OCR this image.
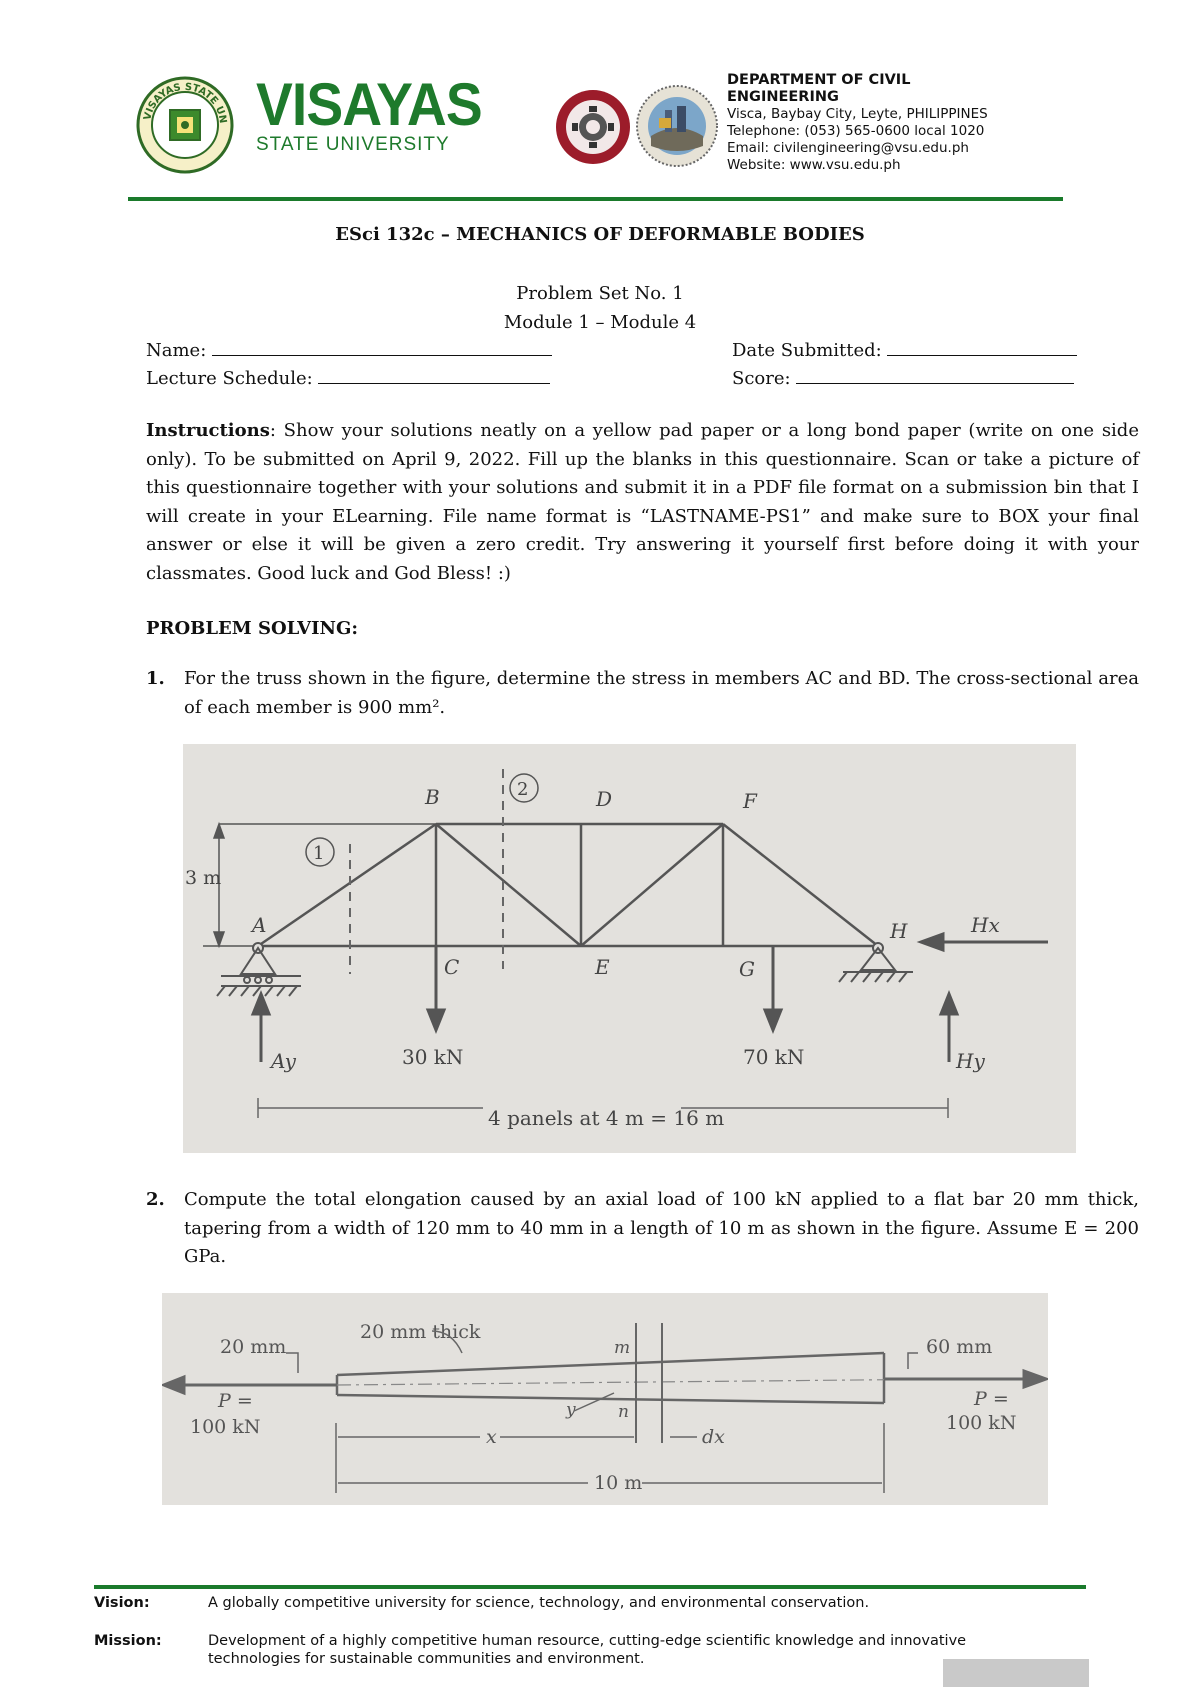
VISAYAS STATE UN VISAYAS
STATE UNIVERSITY
DEPARTMENT OF CIVIL ENGINEERING
Visca, Baybay City, Leyte, PHILIPPINES
Telephone: (053) 565-0600 local 1020
Email: civilengineering@vsu.edu.ph
Website: www.vsu.edu.ph
ESci 132c – MECHANICS OF DEFORMABLE BODIES
Problem Set No. 1
Module 1 – Module 4
Name:
Lecture Schedule:
Date Submitted:
Score:
Instructions: Show your solutions neatly on a yellow pad paper or a long bond paper (write on one side only). To be submitted on April 9, 2022. Fill up the blanks in this questionnaire. Scan or take a picture of this questionnaire together with your solutions and submit it in a PDF file format on a submission bin that I will create in your ELearning. File name format is “LASTNAME-PS1” and make sure to BOX your final answer or else it will be given a zero credit. Try answering it yourself first before doing it with your classmates. Good luck and God Bless! :)
PROBLEM SOLVING:
1. For the truss shown in the figure, determine the stress in members AC and BD. The cross-sectional area of each member is 900 mm².
1
2
B	D	F
A	H
C	E	G
Hx
Ay	Hy
3 m
30 kN	70 kN
4 panels at 4 m = 16 m
2. Compute the total elongation caused by an axial load of 100 kN applied to a flat bar 20 mm thick, tapering from a width of 120 mm to 40 mm in a length of 10 m as shown in the figure. Assume E = 200 GPa.
20 mm thick
20 mm	60 mm
P =
100 kN
P =
100 kN
m
n
y
x	dx
10 m
Vision:	A globally competitive university for science, technology, and environmental conservation.
Mission:	Development of a highly competitive human resource, cutting-edge scientific knowledge and innovative technologies for sustainable communities and environment.
